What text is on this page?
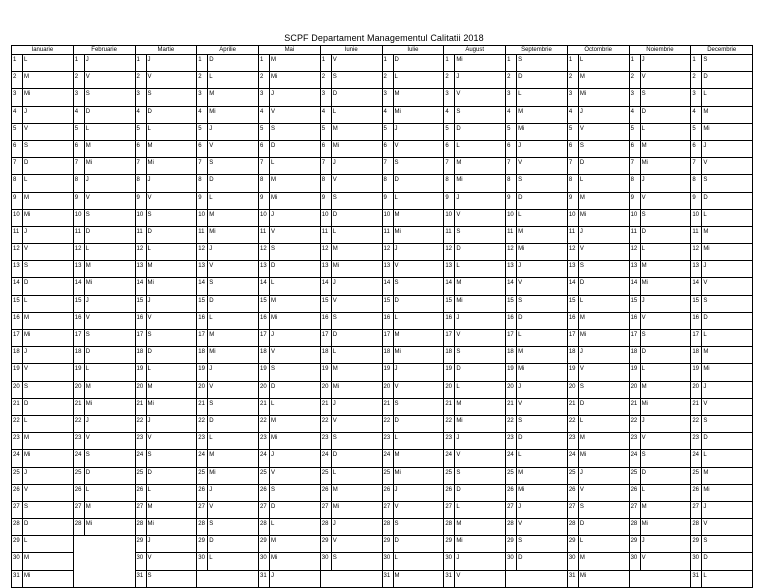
SCPF Departament Managementul Calitatii 2018
Ianuarie		Februarie		Martie		Aprilie		Mai		Iunie		Iulie		August		Septembrie		Octombrie		Noiembrie		Decembrie	
1	L	1	J	1	J	1	D	1	M	1	V	1	D	1	Mi	1	S	1	L	1	J	1	S
2	M	2	V	2	V	2	L	2	Mi	2	S	2	L	2	J	2	D	2	M	2	V	2	D
3	Mi	3	S	3	S	3	M	3	J	3	D	3	M	3	V	3	L	3	Mi	3	S	3	L
4	J	4	D	4	D	4	Mi	4	V	4	L	4	Mi	4	S	4	M	4	J	4	D	4	M
5	V	5	L	5	L	5	J	5	S	5	M	5	J	5	D	5	Mi	5	V	5	L	5	Mi
6	S	6	M	6	M	6	V	6	D	6	Mi	6	V	6	L	6	J	6	S	6	M	6	J
7	D	7	Mi	7	Mi	7	S	7	L	7	J	7	S	7	M	7	V	7	D	7	Mi	7	V
8	L	8	J	8	J	8	D	8	M	8	V	8	D	8	Mi	8	S	8	L	8	J	8	S
9	M	9	V	9	V	9	L	9	Mi	9	S	9	L	9	J	9	D	9	M	9	V	9	D
10	Mi	10	S	10	S	10	M	10	J	10	D	10	M	10	V	10	L	10	Mi	10	S	10	L
11	J	11	D	11	D	11	Mi	11	V	11	L	11	Mi	11	S	11	M	11	J	11	D	11	M
12	V	12	L	12	L	12	J	12	S	12	M	12	J	12	D	12	Mi	12	V	12	L	12	Mi
13	S	13	M	13	M	13	V	13	D	13	Mi	13	V	13	L	13	J	13	S	13	M	13	J
14	D	14	Mi	14	Mi	14	S	14	L	14	J	14	S	14	M	14	V	14	D	14	Mi	14	V
15	L	15	J	15	J	15	D	15	M	15	V	15	D	15	Mi	15	S	15	L	15	J	15	S
16	M	16	V	16	V	16	L	16	Mi	16	S	16	L	16	J	16	D	16	M	16	V	16	D
17	Mi	17	S	17	S	17	M	17	J	17	D	17	M	17	V	17	L	17	Mi	17	S	17	L
18	J	18	D	18	D	18	Mi	18	V	18	L	18	Mi	18	S	18	M	18	J	18	D	18	M
19	V	19	L	19	L	19	J	19	S	19	M	19	J	19	D	19	Mi	19	V	19	L	19	Mi
20	S	20	M	20	M	20	V	20	D	20	Mi	20	V	20	L	20	J	20	S	20	M	20	J
21	D	21	Mi	21	Mi	21	S	21	L	21	J	21	S	21	M	21	V	21	D	21	Mi	21	V
22	L	22	J	22	J	22	D	22	M	22	V	22	D	22	Mi	22	S	22	L	22	J	22	S
23	M	23	V	23	V	23	L	23	Mi	23	S	23	L	23	J	23	D	23	M	23	V	23	D
24	Mi	24	S	24	S	24	M	24	J	24	D	24	M	24	V	24	L	24	Mi	24	S	24	L
25	J	25	D	25	D	25	Mi	25	V	25	L	25	Mi	25	S	25	M	25	J	25	D	25	M
26	V	26	L	26	L	26	J	26	S	26	M	26	J	26	D	26	Mi	26	V	26	L	26	Mi
27	S	27	M	27	M	27	V	27	D	27	Mi	27	V	27	L	27	J	27	S	27	M	27	J
28	D	28	Mi	28	Mi	28	S	28	L	28	J	28	S	28	M	28	V	28	D	28	Mi	28	V
29	L			29	J	29	D	29	M	29	V	29	D	29	Mi	29	S	29	L	29	J	29	S
30	M			30	V	30	L	30	Mi	30	S	30	L	30	J	30	D	30	M	30	V	30	D
31	Mi			31	S			31	J			31	M	31	V			31	Mi			31	L
